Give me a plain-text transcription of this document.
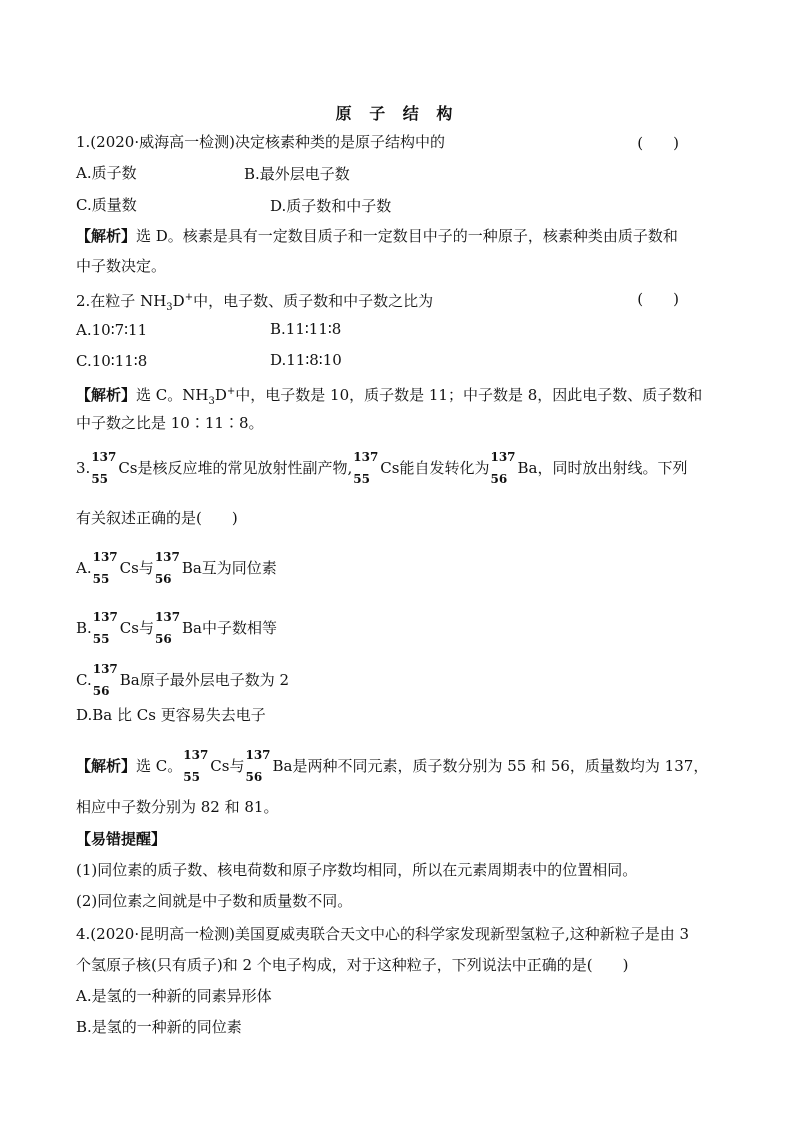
原 子 结 构
1.(2020·威海高一检测)决定核素种类的是原子结构中的	(　　)
A.质子数	B.最外层电子数
C.质量数	D.质子数和中子数
【解析】选 D。核素是具有一定数目质子和一定数目中子的一种原子，核素种类由质子数和
中子数决定。
2.在粒子 $NH_3D^+$中，电子数、质子数和中子数之比为	(　　)
A.10∶7∶11	B.11∶11∶8
C.10∶11∶8	D.11∶8∶10
【解析】选 C。$NH_3D^+$中，电子数是 10，质子数是 11；中子数是 8，因此电子数、质子数和
中子数之比是 10∶11∶8。
3.
137
55
Cs是核反应堆的常见放射性副产物,
137
55
Cs能自发转化为
137
56
Ba，同时放出射线。下列
有关叙述正确的是(　　)
A.
137
55
Cs与
137
56
Ba互为同位素
B.
137
55
Cs与
137
56
Ba中子数相等
C.
137
56
Ba原子最外层电子数为 2
D.Ba 比 Cs 更容易失去电子
【解析】选 C。
137
55
Cs与
137
56
Ba是两种不同元素，质子数分别为 55 和 56，质量数均为 137，
相应中子数分别为 82 和 81。
【易错提醒】
(1)同位素的质子数、核电荷数和原子序数均相同，所以在元素周期表中的位置相同。
(2)同位素之间就是中子数和质量数不同。
4.(2020·昆明高一检测)美国夏威夷联合天文中心的科学家发现新型氢粒子,这种新粒子是由 3
个氢原子核(只有质子)和 2 个电子构成，对于这种粒子，下列说法中正确的是(　　)
A.是氢的一种新的同素异形体
B.是氢的一种新的同位素
